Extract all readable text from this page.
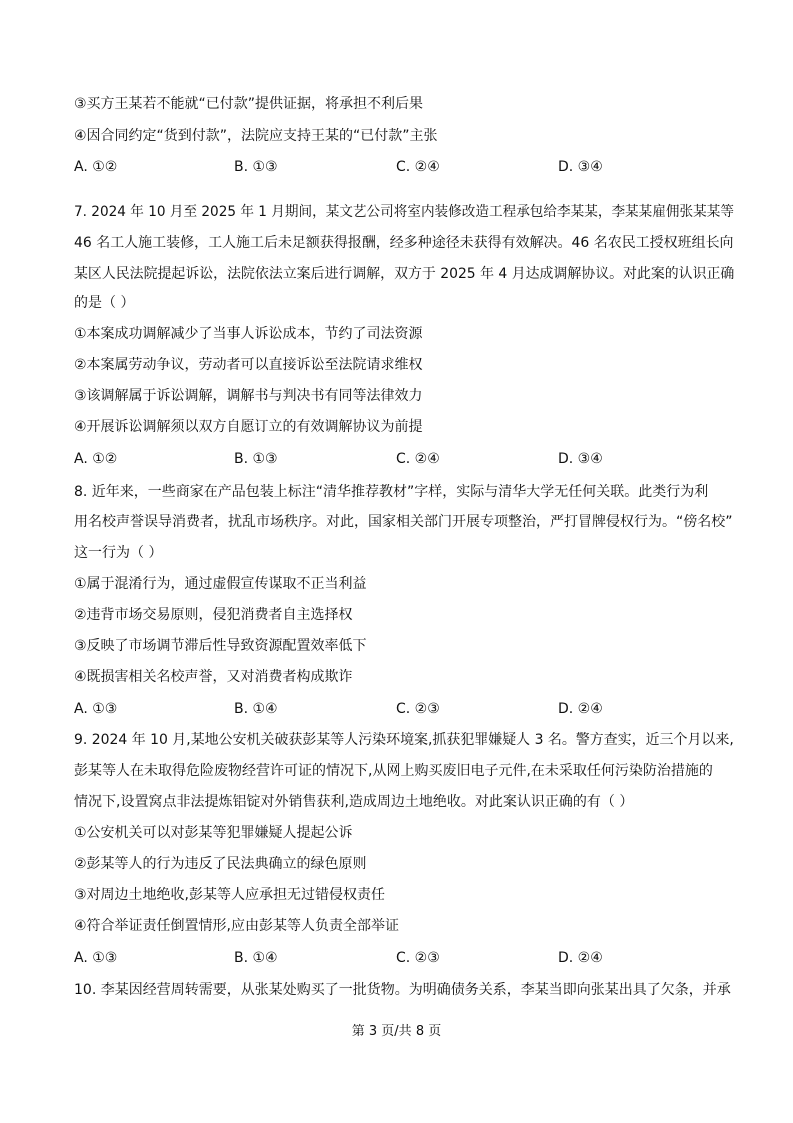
③买方王某若不能就“已付款”提供证据，将承担不利后果
④因合同约定“货到付款”，法院应支持王某的“已付款”主张
A. ①②	B. ①③	C. ②④	D. ③④
7. 2024 年 10 月至 2025 年 1 月期间，某文艺公司将室内装修改造工程承包给李某某，李某某雇佣张某某等
46 名工人施工装修，工人施工后未足额获得报酬，经多种途径未获得有效解决。46 名农民工授权班组长向
某区人民法院提起诉讼，法院依法立案后进行调解，双方于 2025 年 4 月达成调解协议。对此案的认识正确
的是（ ）
①本案成功调解减少了当事人诉讼成本，节约了司法资源
②本案属劳动争议，劳动者可以直接诉讼至法院请求维权
③该调解属于诉讼调解，调解书与判决书有同等法律效力
④开展诉讼调解须以双方自愿订立的有效调解协议为前提
A. ①②	B. ①③	C. ②④	D. ③④
8. 近年来，一些商家在产品包装上标注“清华推荐教材”字样，实际与清华大学无任何关联。此类行为利
用名校声誉误导消费者，扰乱市场秩序。对此，国家相关部门开展专项整治，严打冒牌侵权行为。“傍名校”
这一行为（ ）
①属于混淆行为，通过虚假宣传谋取不正当利益
②违背市场交易原则，侵犯消费者自主选择权
③反映了市场调节滞后性导致资源配置效率低下
④既损害相关名校声誉，又对消费者构成欺诈
A. ①③	B. ①④	C. ②③	D. ②④
9. 2024 年 10 月,某地公安机关破获彭某等人污染环境案,抓获犯罪嫌疑人 3 名。警方查实，近三个月以来,
彭某等人在未取得危险废物经营许可证的情况下,从网上购买废旧电子元件,在未采取任何污染防治措施的
情况下,设置窝点非法提炼铝锭对外销售获利,造成周边土地绝收。对此案认识正确的有（ ）
①公安机关可以对彭某等犯罪嫌疑人提起公诉
②彭某等人的行为违反了民法典确立的绿色原则
③对周边土地绝收,彭某等人应承担无过错侵权责任
④符合举证责任倒置情形,应由彭某等人负责全部举证
A. ①③	B. ①④	C. ②③	D. ②④
10. 李某因经营周转需要，从张某处购买了一批货物。为明确债务关系，李某当即向张某出具了欠条，并承
第 3 页/共 8 页
